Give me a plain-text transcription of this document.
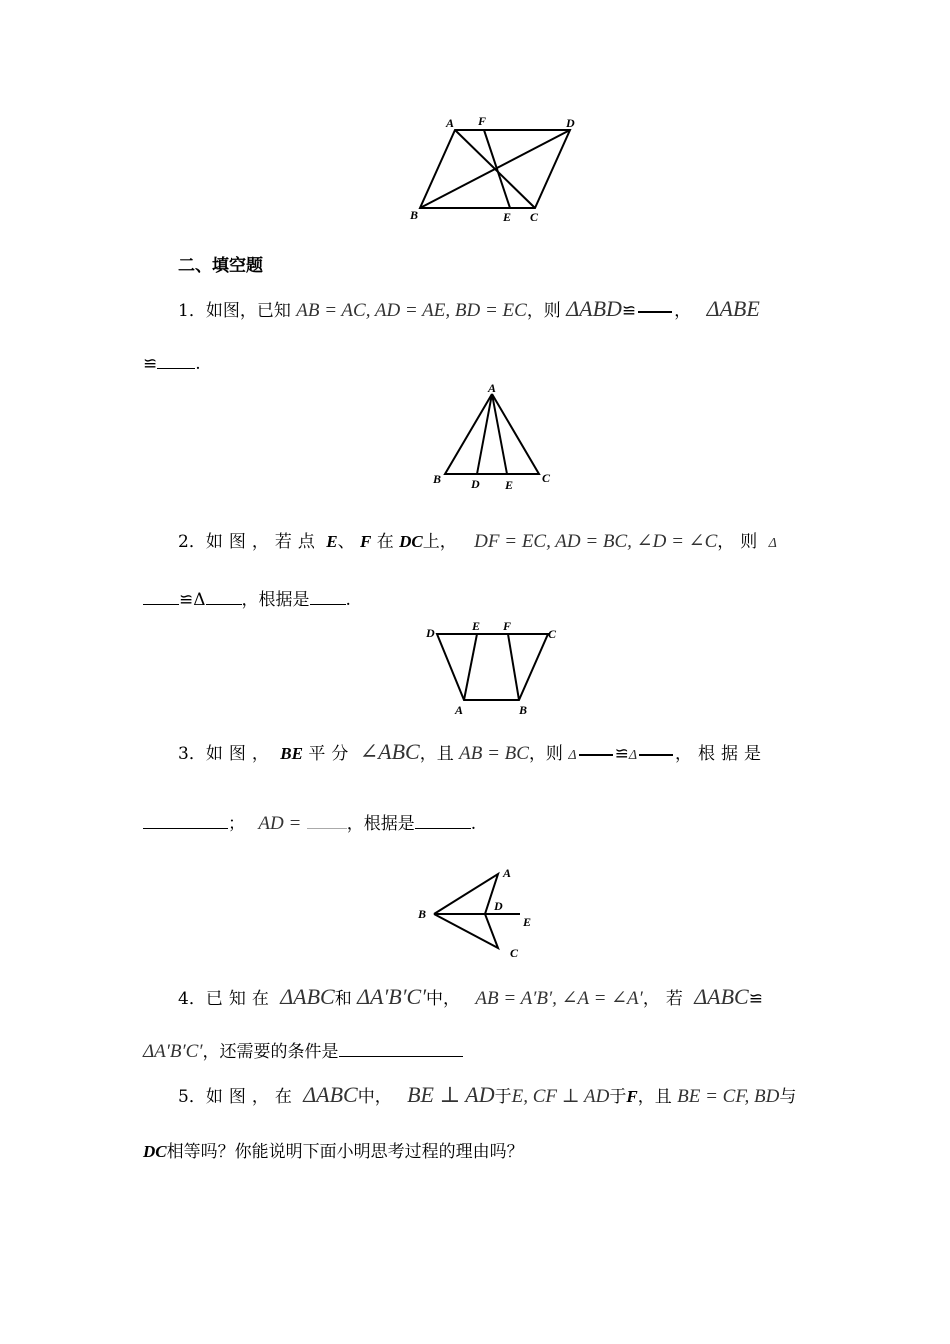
A F	D
B	E C
二、填空题
1．如图，已知 AB = AC, AD = AE, BD = EC，则 ΔABD≌ ， ΔABE
≌ .
A
B D E C
2．如图，若点 E、 F 在 DC上， DF = EC, AD = BC, ∠D = ∠C，则 Δ
≌Δ ，根据是 .
D	E F
C
A	B
3．如图， BE 平分 ∠ABC，且 AB = BC，则 Δ ≌Δ ，根据是
； AD =	，根据是	.
A
B
D
E
C
4．已知在 ΔABC和 ΔA′B′C′中， AB = A′B′, ∠A = ∠A′，若 ΔABC≌
ΔA′B′C′，还需要的条件是
5．如图，在 ΔABC中， BE ⊥ AD于E, CF ⊥ AD于F，且 BE = CF, BD与
DC相等吗？你能说明下面小明思考过程的理由吗？
